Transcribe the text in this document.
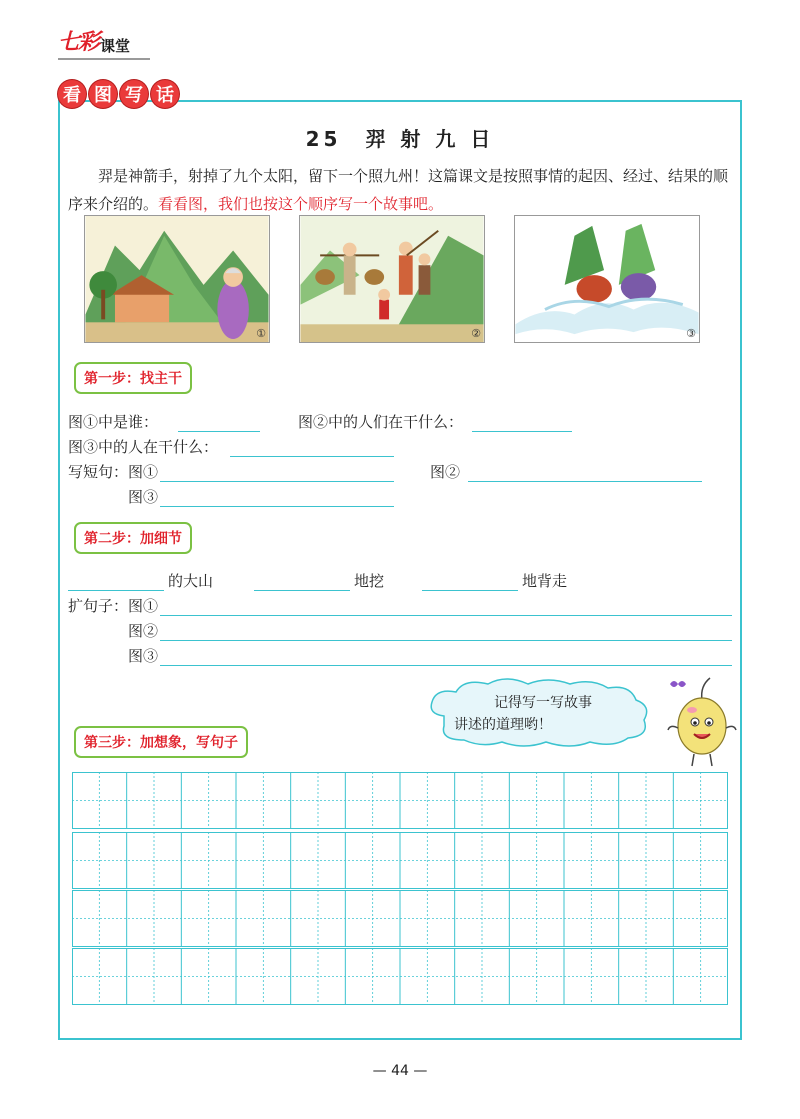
七彩 课堂
看 图 写 话
25　羿 射 九 日
羿是神箭手，射掉了九个太阳，留下一个照九州！这篇课文是按照事情的起因、经过、结果的顺序来介绍的。看看图，我们也按这个顺序写一个故事吧。
①	②	③
第一步：找主干
图①中是谁：	图②中的人们在干什么：
图③中的人在干什么：
写短句： 图①	图②
图③
第二步：加细节
的大山	地挖	地背走
扩句子： 图①
图②
图③
记得写一写故事
讲述的道理哟！
第三步：加想象，写句子
— 44 —
